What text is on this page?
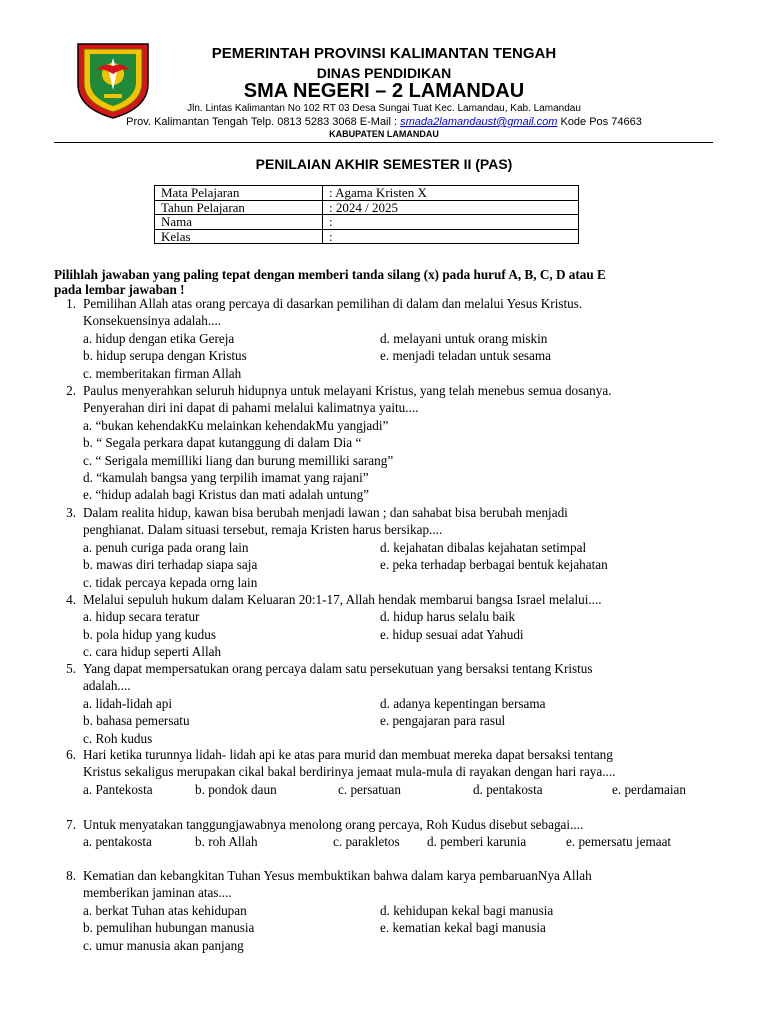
PEMERINTAH PROVINSI KALIMANTAN TENGAH
DINAS PENDIDIKAN
SMA NEGERI – 2 LAMANDAU
Jln. Lintas Kalimantan No 102 RT 03 Desa Sungai Tuat Kec. Lamandau, Kab. Lamandau
Prov. Kalimantan Tengah Telp. 0813 5283 3068 E-Mail : smada2lamandaust@gmail.com Kode Pos 74663
KABUPATEN LAMANDAU
PENILAIAN AKHIR SEMESTER II (PAS)
Mata Pelajaran	: Agama Kristen X
Tahun Pelajaran	: 2024 / 2025
Nama	:
Kelas	:
Pilihlah jawaban yang paling tepat dengan memberi tanda silang (x) pada huruf A, B, C, D atau E
pada lembar jawaban !
1. Pemilihan Allah atas orang percaya di dasarkan pemilihan di dalam dan melalui Yesus Kristus.
Konsekuensinya adalah....
a. hidup dengan etika Gereja
b. hidup serupa dengan Kristus
c. memberitakan firman Allah
d. melayani untuk orang miskin
e. menjadi teladan untuk sesama
2. Paulus menyerahkan seluruh hidupnya untuk melayani Kristus, yang telah menebus semua dosanya.
Penyerahan diri ini dapat di pahami melalui kalimatnya yaitu....
a. “bukan kehendakKu melainkan kehendakMu yangjadi”
b. “ Segala perkara dapat kutanggung di dalam Dia “
c. “ Serigala memilliki liang dan burung memilliki sarang”
d. “kamulah bangsa yang terpilih imamat yang rajani”
e. “hidup adalah bagi Kristus dan mati adalah untung”
3. Dalam realita hidup, kawan bisa berubah menjadi lawan ; dan sahabat bisa berubah menjadi
penghianat. Dalam situasi tersebut, remaja Kristen harus bersikap....
a. penuh curiga pada orang lain
b. mawas diri terhadap siapa saja
c. tidak percaya kepada orng lain
d. kejahatan dibalas kejahatan setimpal
e. peka terhadap berbagai bentuk kejahatan
4. Melalui sepuluh hukum dalam Keluaran 20:1-17, Allah hendak membarui bangsa Israel melalui....
a. hidup secara teratur
b. pola hidup yang kudus
c. cara hidup seperti Allah
d. hidup harus selalu baik
e. hidup sesuai adat Yahudi
5. Yang dapat mempersatukan orang percaya dalam satu persekutuan yang bersaksi tentang Kristus
adalah....
a. lidah-lidah api
b. bahasa pemersatu
c. Roh kudus
d. adanya kepentingan bersama
e. pengajaran para rasul
6. Hari ketika turunnya lidah- lidah api ke atas para murid dan membuat mereka dapat bersaksi tentang
Kristus sekaligus merupakan cikal bakal berdirinya jemaat mula-mula di rayakan dengan hari raya....
a. Pantekosta	b. pondok daun	c. persatuan	d. pentakosta	e. perdamaian
7. Untuk menyatakan tanggungjawabnya menolong orang percaya, Roh Kudus disebut sebagai....
a. pentakosta	b. roh Allah	c. parakletos d. pemberi karunia	e. pemersatu jemaat
8. Kematian dan kebangkitan Tuhan Yesus membuktikan bahwa dalam karya pembaruanNya Allah
memberikan jaminan atas....
a. berkat Tuhan atas kehidupan
b. pemulihan hubungan manusia
c. umur manusia akan panjang
d. kehidupan kekal bagi manusia
e. kematian kekal bagi manusia
